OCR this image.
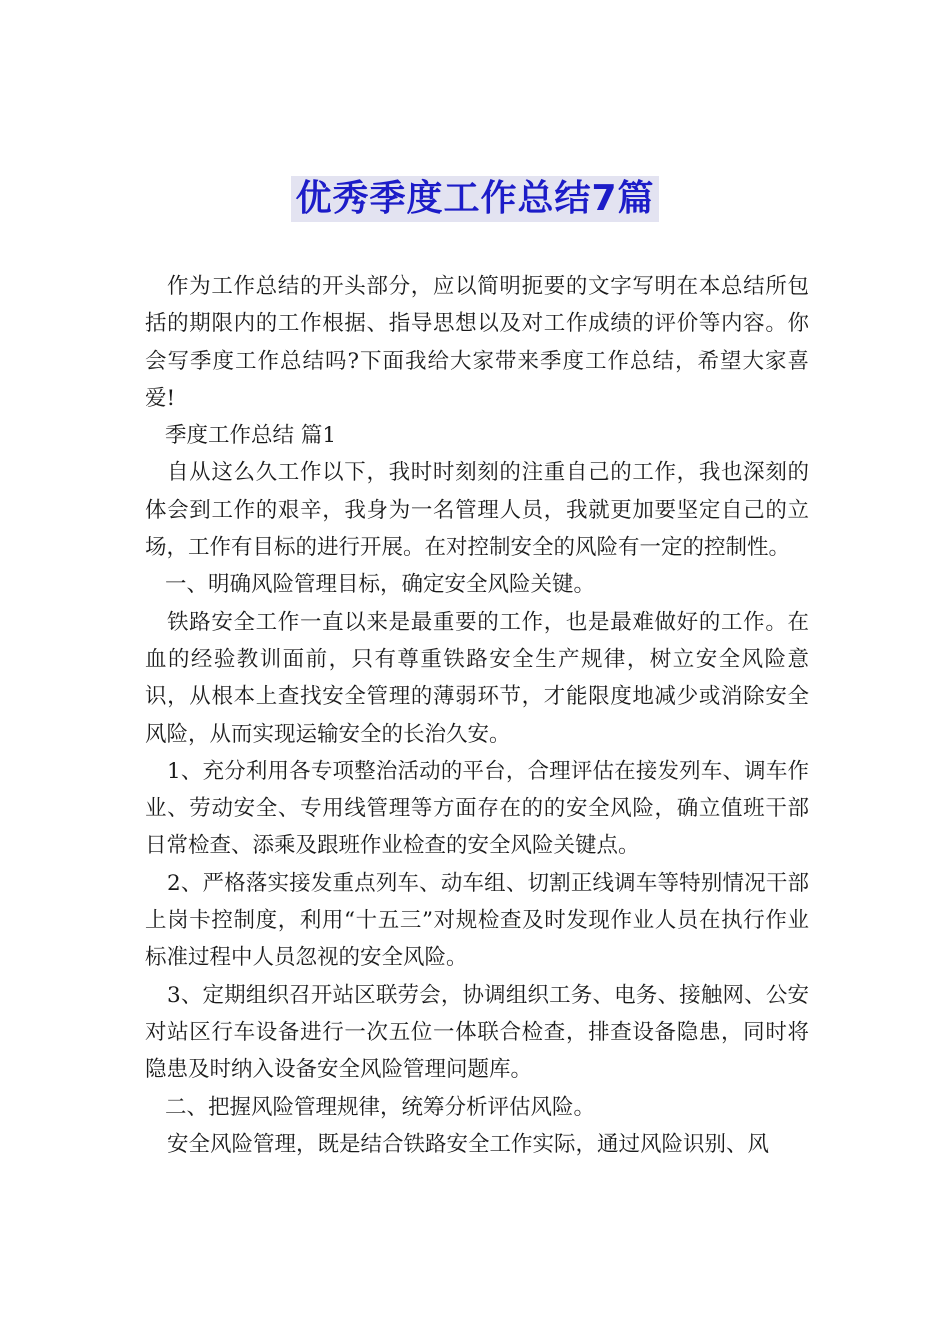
优秀季度工作总结7篇

作为工作总结的开头部分，应以简明扼要的文字写明在本总结所包括的期限内的工作根据、指导思想以及对工作成绩的评价等内容。你会写季度工作总结吗?下面我给大家带来季度工作总结，希望大家喜爱!

季度工作总结 篇1

自从这么久工作以下，我时时刻刻的注重自己的工作，我也深刻的体会到工作的艰辛，我身为一名管理人员，我就更加要坚定自己的立场，工作有目标的进行开展。在对控制安全的风险有一定的控制性。

一、明确风险管理目标，确定安全风险关键。

铁路安全工作一直以来是最重要的工作，也是最难做好的工作。在血的经验教训面前，只有尊重铁路安全生产规律，树立安全风险意识，从根本上查找安全管理的薄弱环节，才能限度地减少或消除安全风险，从而实现运输安全的长治久安。

1、充分利用各专项整治活动的平台，合理评估在接发列车、调车作业、劳动安全、专用线管理等方面存在的的安全风险，确立值班干部日常检查、添乘及跟班作业检查的安全风险关键点。

2、严格落实接发重点列车、动车组、切割正线调车等特别情况干部上岗卡控制度，利用“十五三”对规检查及时发现作业人员在执行作业标准过程中人员忽视的安全风险。

3、定期组织召开站区联劳会，协调组织工务、电务、接触网、公安对站区行车设备进行一次五位一体联合检查，排查设备隐患，同时将隐患及时纳入设备安全风险管理问题库。

二、把握风险管理规律，统筹分析评估风险。

安全风险管理，既是结合铁路安全工作实际，通过风险识别、风
